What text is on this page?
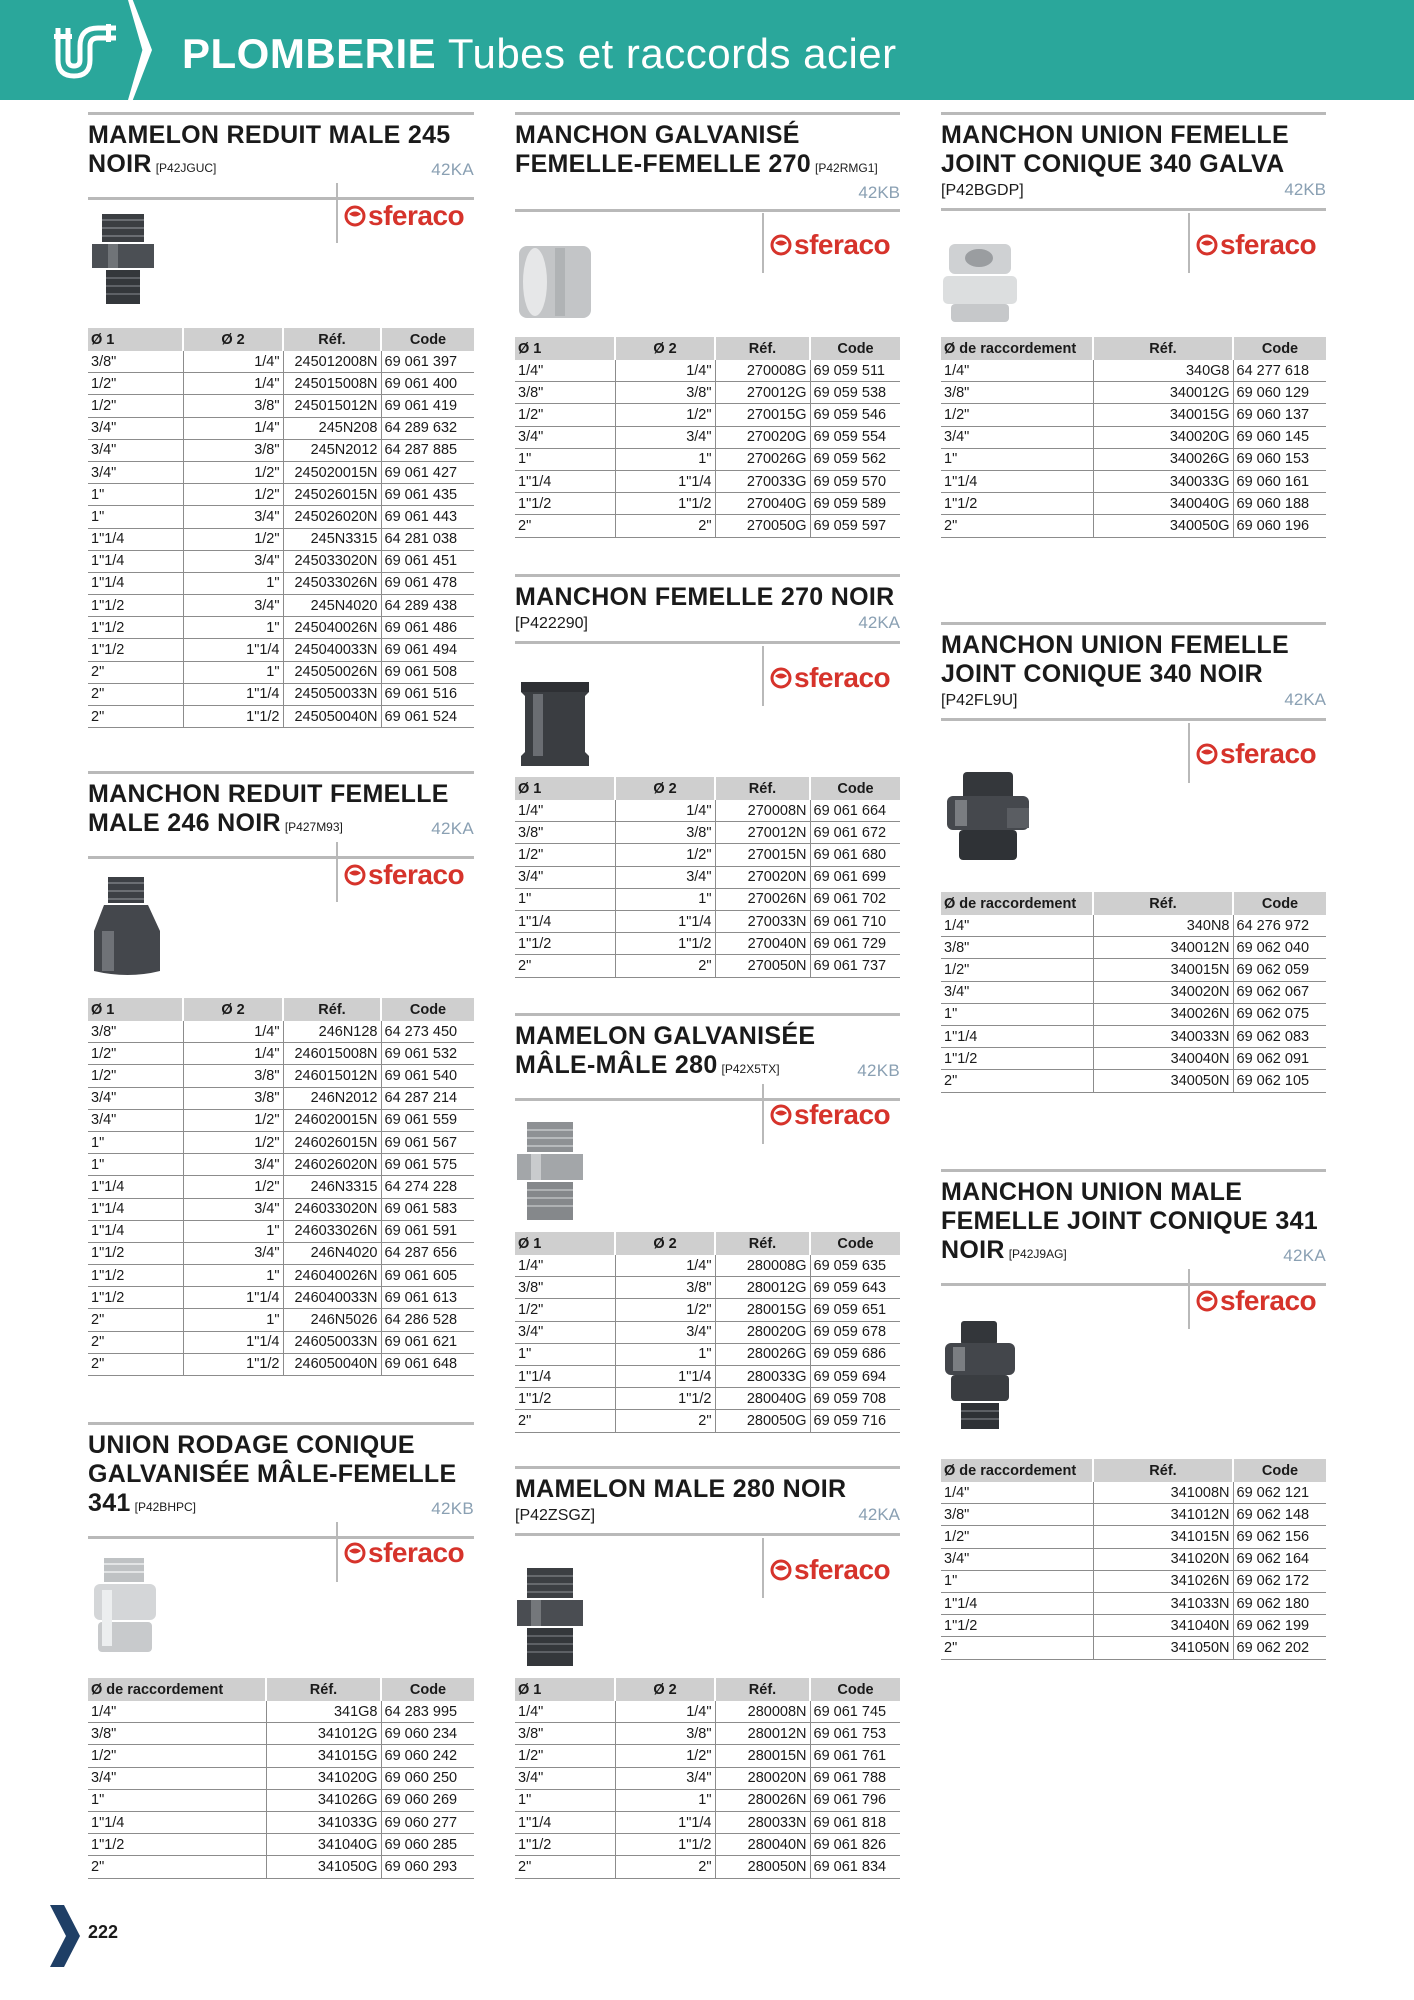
PLOMBERIE Tubes et raccords acier
MAMELON REDUIT MALE 245
NOIR [P42JGUC]	42KA
sferaco
Ø 1	Ø 2	Réf.	Code
3/8"	1/4"	245012008N	69 061 397
1/2"	1/4"	245015008N	69 061 400
1/2"	3/8"	245015012N	69 061 419
3/4"	1/4"	245N208	64 289 632
3/4"	3/8"	245N2012	64 287 885
3/4"	1/2"	245020015N	69 061 427
1"	1/2"	245026015N	69 061 435
1"	3/4"	245026020N	69 061 443
1"1/4	1/2"	245N3315	64 281 038
1"1/4	3/4"	245033020N	69 061 451
1"1/4	1"	245033026N	69 061 478
1"1/2	3/4"	245N4020	64 289 438
1"1/2	1"	245040026N	69 061 486
1"1/2	1"1/4	245040033N	69 061 494
2"	1"	245050026N	69 061 508
2"	1"1/4	245050033N	69 061 516
2"	1"1/2	245050040N	69 061 524
MANCHON REDUIT FEMELLE
MALE 246 NOIR [P427M93]	42KA
sferaco
Ø 1	Ø 2	Réf.	Code
3/8"	1/4"	246N128	64 273 450
1/2"	1/4"	246015008N	69 061 532
1/2"	3/8"	246015012N	69 061 540
3/4"	3/8"	246N2012	64 287 214
3/4"	1/2"	246020015N	69 061 559
1"	1/2"	246026015N	69 061 567
1"	3/4"	246026020N	69 061 575
1"1/4	1/2"	246N3315	64 274 228
1"1/4	3/4"	246033020N	69 061 583
1"1/4	1"	246033026N	69 061 591
1"1/2	3/4"	246N4020	64 287 656
1"1/2	1"	246040026N	69 061 605
1"1/2	1"1/4	246040033N	69 061 613
2"	1"	246N5026	64 286 528
2"	1"1/4	246050033N	69 061 621
2"	1"1/2	246050040N	69 061 648
UNION RODAGE CONIQUE
GALVANISÉE MÂLE-FEMELLE
341 [P42BHPC]	42KB
sferaco
Ø de raccordement	Réf.	Code
1/4"	341G8	64 283 995
3/8"	341012G	69 060 234
1/2"	341015G	69 060 242
3/4"	341020G	69 060 250
1"	341026G	69 060 269
1"1/4	341033G	69 060 277
1"1/2	341040G	69 060 285
2"	341050G	69 060 293
MANCHON GALVANISÉ
FEMELLE-FEMELLE 270 [P42RMG1]
42KB
sferaco
Ø 1	Ø 2	Réf.	Code
1/4"	1/4"	270008G	69 059 511
3/8"	3/8"	270012G	69 059 538
1/2"	1/2"	270015G	69 059 546
3/4"	3/4"	270020G	69 059 554
1"	1"	270026G	69 059 562
1"1/4	1"1/4	270033G	69 059 570
1"1/2	1"1/2	270040G	69 059 589
2"	2"	270050G	69 059 597
MANCHON FEMELLE 270 NOIR
[P422290]	42KA
sferaco
Ø 1	Ø 2	Réf.	Code
1/4"	1/4"	270008N	69 061 664
3/8"	3/8"	270012N	69 061 672
1/2"	1/2"	270015N	69 061 680
3/4"	3/4"	270020N	69 061 699
1"	1"	270026N	69 061 702
1"1/4	1"1/4	270033N	69 061 710
1"1/2	1"1/2	270040N	69 061 729
2"	2"	270050N	69 061 737
MAMELON GALVANISÉE
MÂLE-MÂLE 280 [P42X5TX]	42KB
sferaco
Ø 1	Ø 2	Réf.	Code
1/4"	1/4"	280008G	69 059 635
3/8"	3/8"	280012G	69 059 643
1/2"	1/2"	280015G	69 059 651
3/4"	3/4"	280020G	69 059 678
1"	1"	280026G	69 059 686
1"1/4	1"1/4	280033G	69 059 694
1"1/2	1"1/2	280040G	69 059 708
2"	2"	280050G	69 059 716
MAMELON MALE 280 NOIR
[P42ZSGZ]	42KA
sferaco
Ø 1	Ø 2	Réf.	Code
1/4"	1/4"	280008N	69 061 745
3/8"	3/8"	280012N	69 061 753
1/2"	1/2"	280015N	69 061 761
3/4"	3/4"	280020N	69 061 788
1"	1"	280026N	69 061 796
1"1/4	1"1/4	280033N	69 061 818
1"1/2	1"1/2	280040N	69 061 826
2"	2"	280050N	69 061 834
MANCHON UNION FEMELLE
JOINT CONIQUE 340 GALVA
[P42BGDP]	42KB
sferaco
Ø de raccordement	Réf.	Code
1/4"	340G8	64 277 618
3/8"	340012G	69 060 129
1/2"	340015G	69 060 137
3/4"	340020G	69 060 145
1"	340026G	69 060 153
1"1/4	340033G	69 060 161
1"1/2	340040G	69 060 188
2"	340050G	69 060 196
MANCHON UNION FEMELLE
JOINT CONIQUE 340 NOIR
[P42FL9U]	42KA
sferaco
Ø de raccordement	Réf.	Code
1/4"	340N8	64 276 972
3/8"	340012N	69 062 040
1/2"	340015N	69 062 059
3/4"	340020N	69 062 067
1"	340026N	69 062 075
1"1/4	340033N	69 062 083
1"1/2	340040N	69 062 091
2"	340050N	69 062 105
MANCHON UNION MALE
FEMELLE JOINT CONIQUE 341
NOIR [P42J9AG]	42KA
sferaco
Ø de raccordement	Réf.	Code
1/4"	341008N	69 062 121
3/8"	341012N	69 062 148
1/2"	341015N	69 062 156
3/4"	341020N	69 062 164
1"	341026N	69 062 172
1"1/4	341033N	69 062 180
1"1/2	341040N	69 062 199
2"	341050N	69 062 202
222
